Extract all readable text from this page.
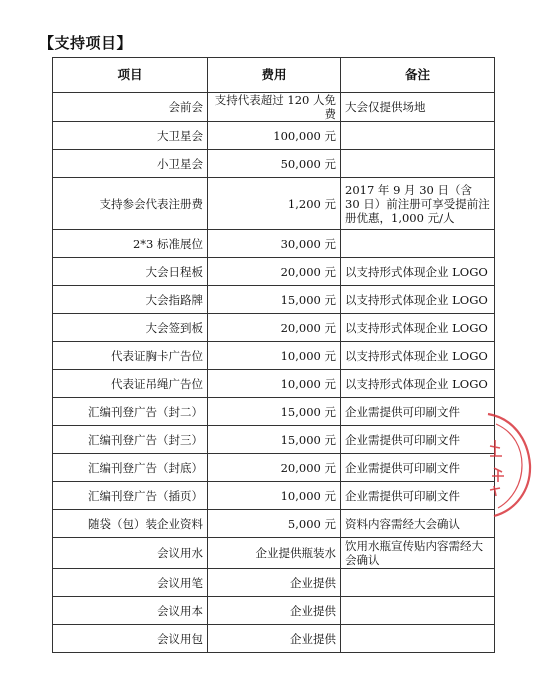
【支持项目】
项目	费用	备注
会前会	支持代表超过 120 人免费	大会仅提供场地
大卫星会	100,000 元	
小卫星会	50,000 元	
支持参会代表注册费	1,200 元	2017 年 9 月 30 日（含 30 日）前注册可享受提前注册优惠，1,000 元/人
2*3 标准展位	30,000 元	
大会日程板	20,000 元	以支持形式体现企业 LOGO
大会指路牌	15,000 元	以支持形式体现企业 LOGO
大会签到板	20,000 元	以支持形式体现企业 LOGO
代表证胸卡广告位	10,000 元	以支持形式体现企业 LOGO
代表证吊绳广告位	10,000 元	以支持形式体现企业 LOGO
汇编刊登广告（封二）	15,000 元	企业需提供可印刷文件
汇编刊登广告（封三）	15,000 元	企业需提供可印刷文件
汇编刊登广告（封底）	20,000 元	企业需提供可印刷文件
汇编刊登广告（插页）	10,000 元	企业需提供可印刷文件
随袋（包）装企业资料	5,000 元	资料内容需经大会确认
会议用水	企业提供瓶装水	饮用水瓶宣传贴内容需经大会确认
会议用笔	企业提供	
会议用本	企业提供	
会议用包	企业提供	
